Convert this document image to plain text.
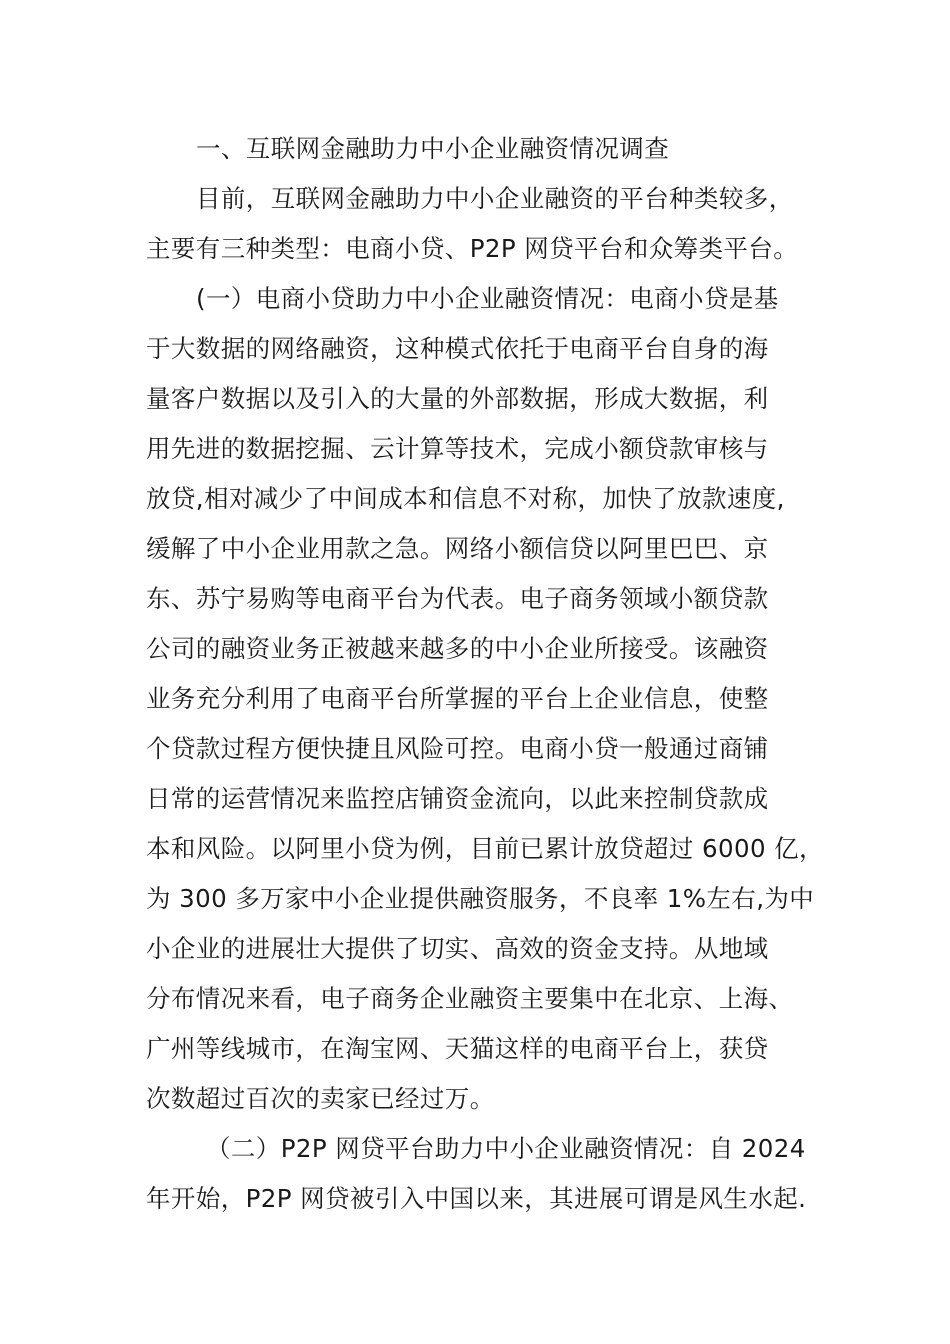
一、互联网金融助力中小企业融资情况调查
目前，互联网金融助力中小企业融资的平台种类较多，
主要有三种类型：电商小贷、P2P 网贷平台和众筹类平台。
(一）电商小贷助力中小企业融资情况：电商小贷是基
于大数据的网络融资，这种模式依托于电商平台自身的海
量客户数据以及引入的大量的外部数据，形成大数据，利
用先进的数据挖掘、云计算等技术，完成小额贷款审核与
放贷,相对减少了中间成本和信息不对称，加快了放款速度,
缓解了中小企业用款之急。网络小额信贷以阿里巴巴、京
东、苏宁易购等电商平台为代表。电子商务领域小额贷款
公司的融资业务正被越来越多的中小企业所接受。该融资
业务充分利用了电商平台所掌握的平台上企业信息，使整
个贷款过程方便快捷且风险可控。电商小贷一般通过商铺
日常的运营情况来监控店铺资金流向，以此来控制贷款成
本和风险。以阿里小贷为例，目前已累计放贷超过 6000 亿，
为 300 多万家中小企业提供融资服务，不良率 1%左右,为中
小企业的进展壮大提供了切实、高效的资金支持。从地域
分布情况来看，电子商务企业融资主要集中在北京、上海、
广州等线城市，在淘宝网、天猫这样的电商平台上，获贷
次数超过百次的卖家已经过万。
（二）P2P 网贷平台助力中小企业融资情况：自 2024
年开始，P2P 网贷被引入中国以来，其进展可谓是风生水起.
